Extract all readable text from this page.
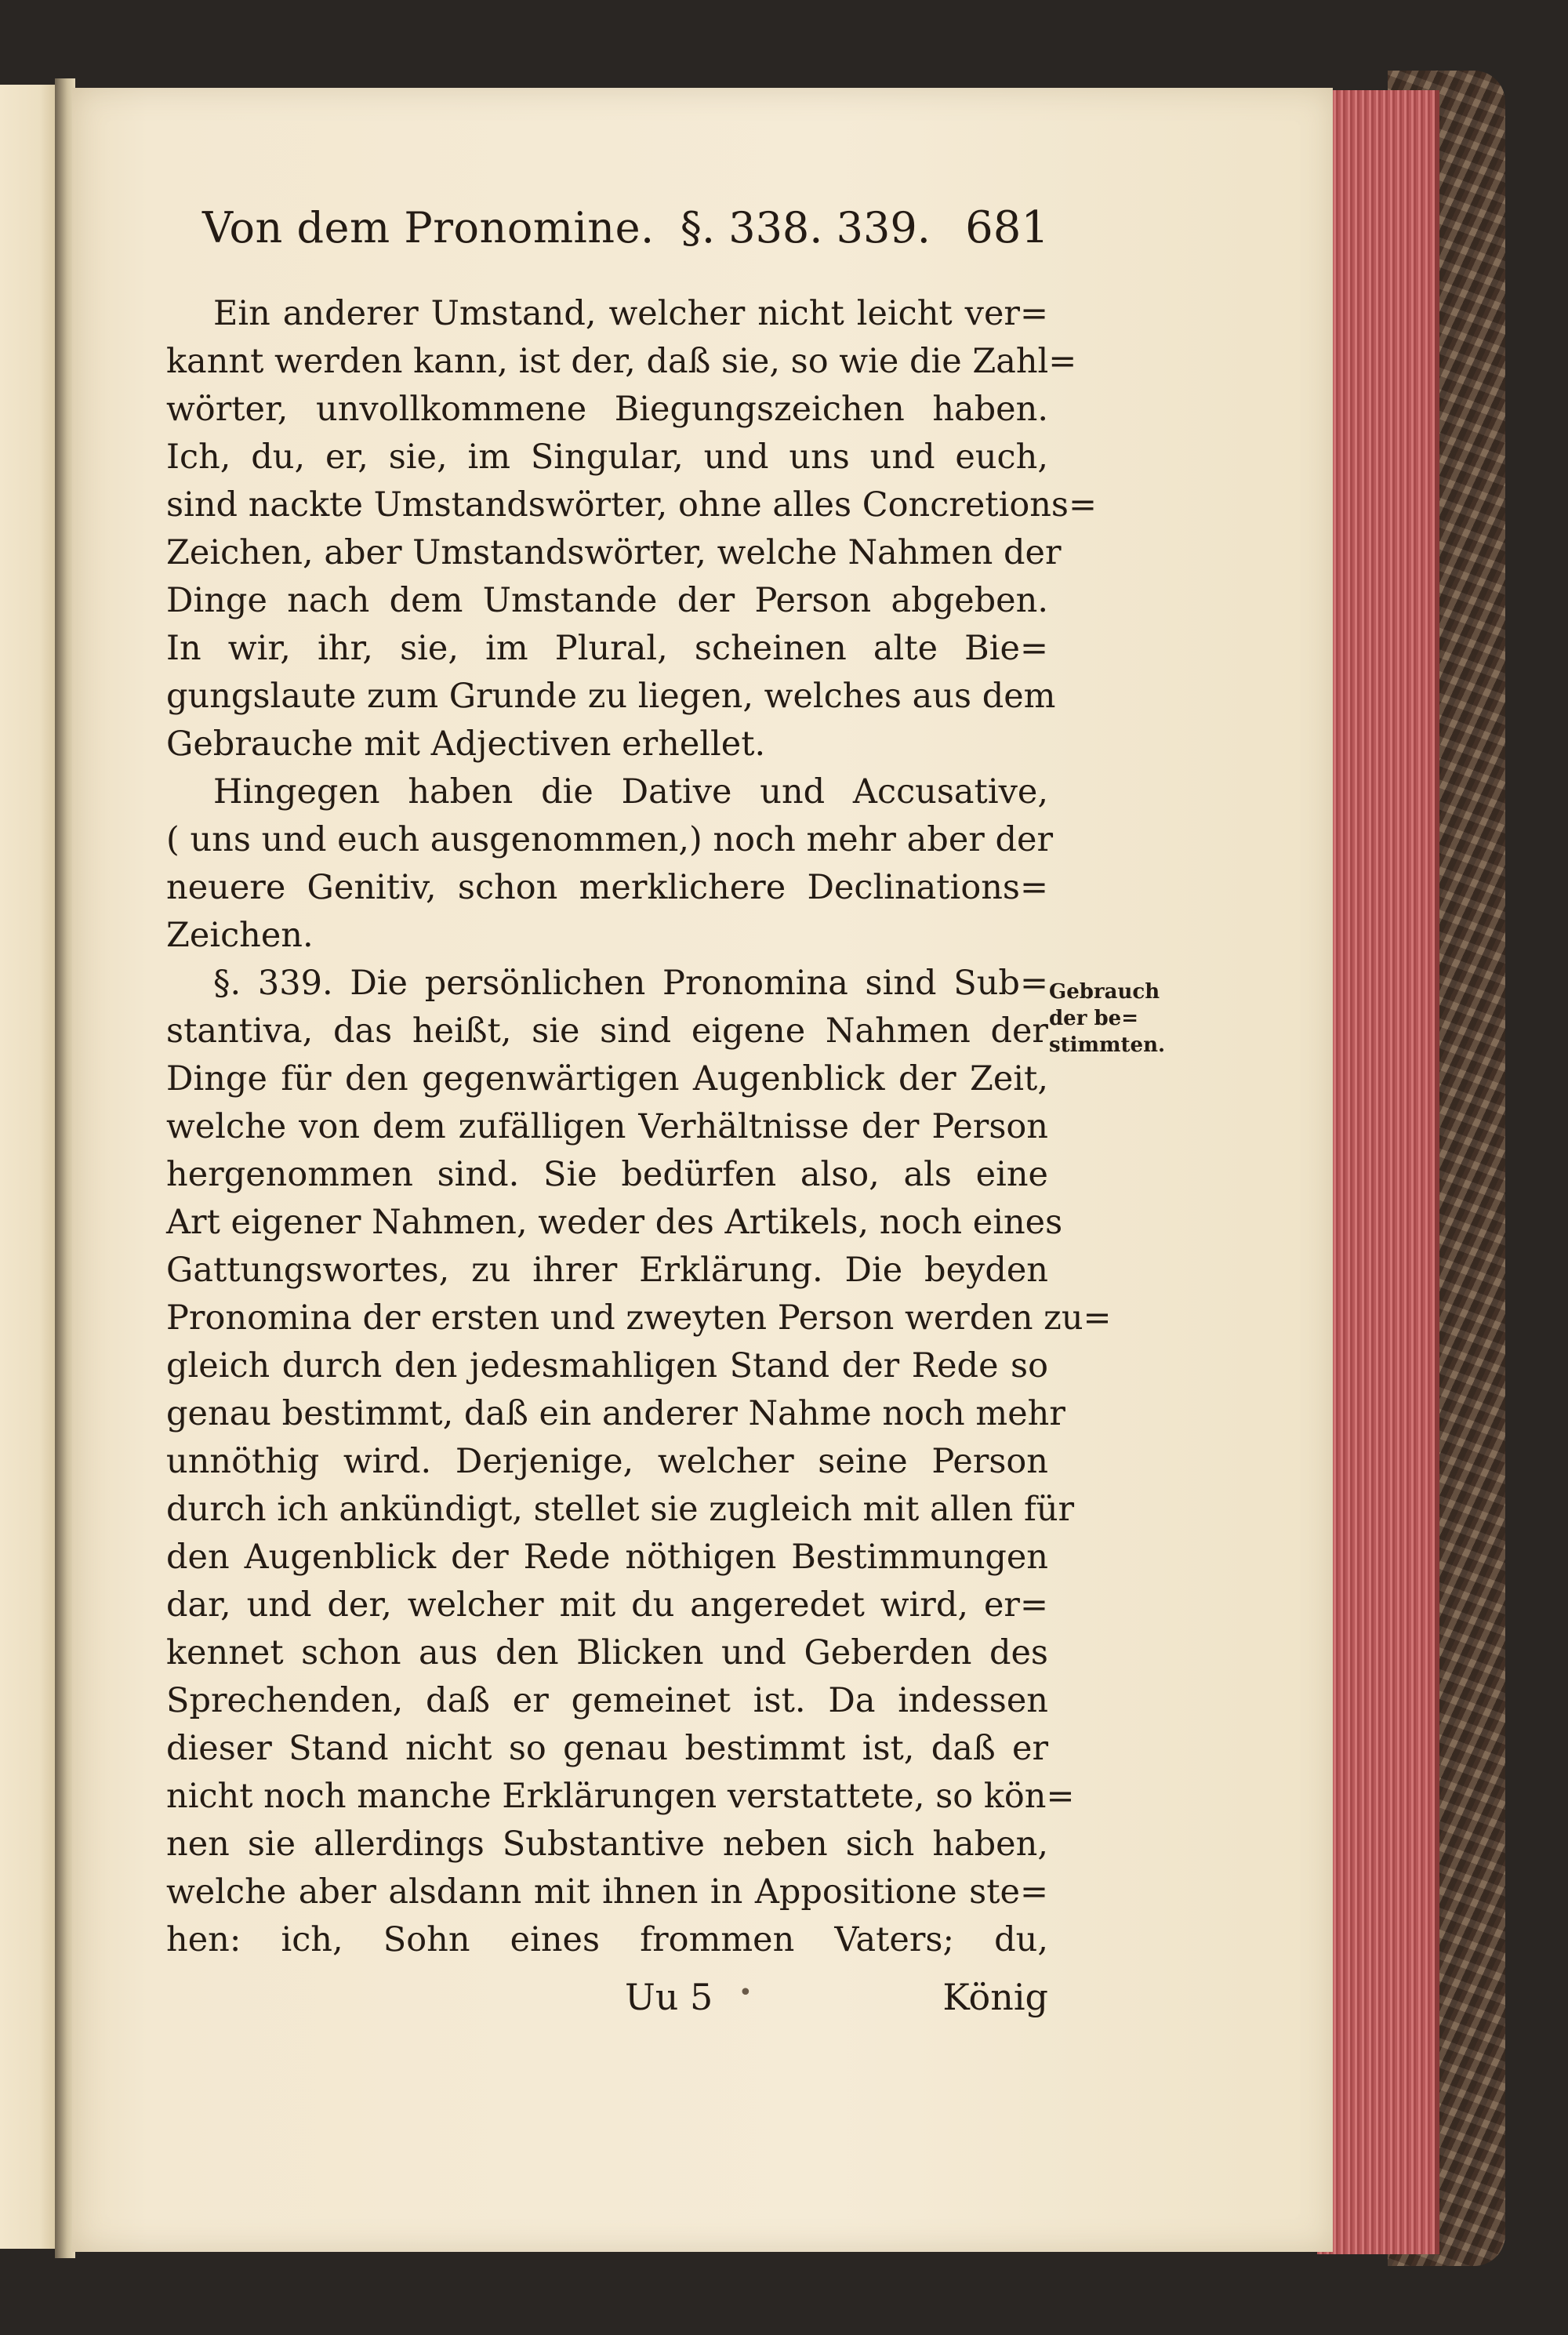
Von dem Pronomine. §. 338. 339. 681
Ein anderer Umstand, welcher nicht leicht ver=
kannt werden kann, ist der, daß sie, so wie die Zahl=
wörter, unvollkommene Biegungszeichen haben.
Ich, du, er, sie, im Singular, und uns und euch,
sind nackte Umstandswörter, ohne alles Concretions=
Zeichen, aber Umstandswörter, welche Nahmen der
Dinge nach dem Umstande der Person abgeben.
In wir, ihr, sie, im Plural, scheinen alte Bie=
gungslaute zum Grunde zu liegen, welches aus dem
Gebrauche mit Adjectiven erhellet.
Hingegen haben die Dative und Accusative,
( uns und euch ausgenommen,) noch mehr aber der
neuere Genitiv, schon merklichere Declinations=
Zeichen.
§. 339. Die persönlichen Pronomina sind Sub=
stantiva, das heißt, sie sind eigene Nahmen der
Dinge für den gegenwärtigen Augenblick der Zeit,
welche von dem zufälligen Verhältnisse der Person
hergenommen sind. Sie bedürfen also, als eine
Art eigener Nahmen, weder des Artikels, noch eines
Gattungswortes, zu ihrer Erklärung. Die beyden
Pronomina der ersten und zweyten Person werden zu=
gleich durch den jedesmahligen Stand der Rede so
genau bestimmt, daß ein anderer Nahme noch mehr
unnöthig wird. Derjenige, welcher seine Person
durch ich ankündigt, stellet sie zugleich mit allen für
den Augenblick der Rede nöthigen Bestimmungen
dar, und der, welcher mit du angeredet wird, er=
kennet schon aus den Blicken und Geberden des
Sprechenden, daß er gemeinet ist. Da indessen
dieser Stand nicht so genau bestimmt ist, daß er
nicht noch manche Erklärungen verstattete, so kön=
nen sie allerdings Substantive neben sich haben,
welche aber alsdann mit ihnen in Appositione ste=
hen: ich, Sohn eines frommen Vaters; du,
Gebrauch
der be=
stimmten.
Uu 5 •	König
